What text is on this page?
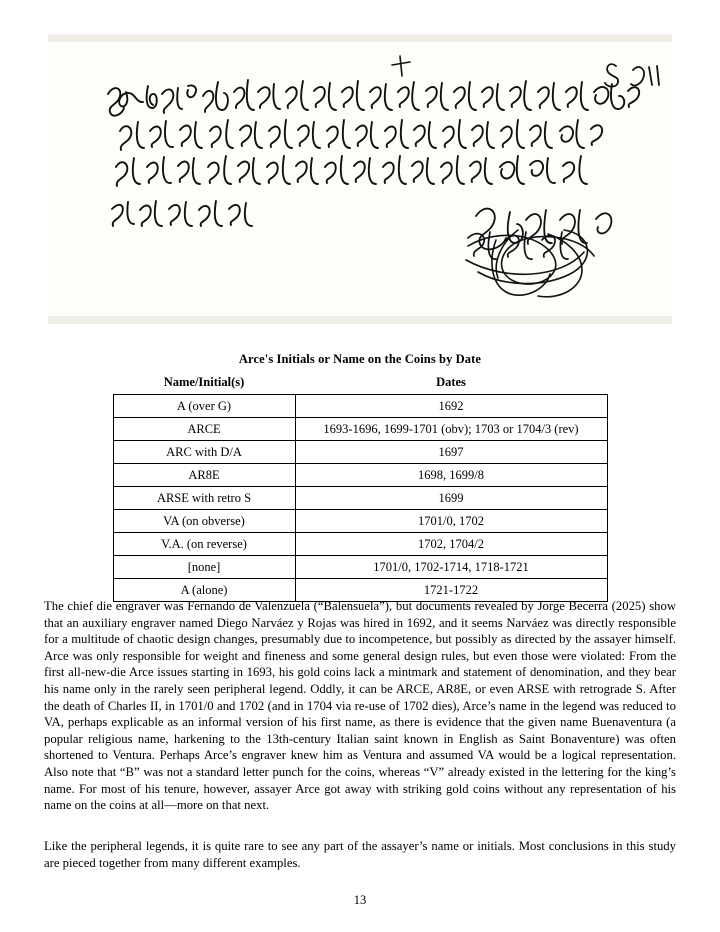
Arce's Initials or Name on the Coins by Date
Name/Initial(s)	Dates
A (over G)	1692
ARCE	1693-1696, 1699-1701 (obv); 1703 or 1704/3 (rev)
ARC with D/A	1697
AR8E	1698, 1699/8
ARSE with retro S	1699
VA (on obverse)	1701/0, 1702
V.A. (on reverse)	1702, 1704/2
[none]	1701/0, 1702-1714, 1718-1721
A (alone)	1721-1722
The chief die engraver was Fernando de Valenzuela (“Balensuela”), but documents revealed by Jorge Becerra (2025) show that an auxiliary engraver named Diego Narváez y Rojas was hired in 1692, and it seems Narváez was directly responsible for a multitude of chaotic design changes, presumably due to incompetence, but possibly as directed by the assayer himself. Arce was only responsible for weight and fineness and some general design rules, but even those were violated: From the first all-new-die Arce issues starting in 1693, his gold coins lack a mintmark and statement of denomination, and they bear his name only in the rarely seen peripheral legend. Oddly, it can be ARCE, AR8E, or even ARSE with retrograde S. After the death of Charles II, in 1701/0 and 1702 (and in 1704 via re-use of 1702 dies), Arce’s name in the legend was reduced to VA, perhaps explicable as an informal version of his first name, as there is evidence that the given name Buenaventura (a popular religious name, harkening to the 13th-century Italian saint known in English as Saint Bonaventure) was often shortened to Ventura. Perhaps Arce’s engraver knew him as Ventura and assumed VA would be a logical representation. Also note that “B” was not a standard letter punch for the coins, whereas “V” already existed in the lettering for the king’s name. For most of his tenure, however, assayer Arce got away with striking gold coins without any representation of his name on the coins at all—more on that next.
Like the peripheral legends, it is quite rare to see any part of the assayer’s name or initials. Most conclusions in this study are pieced together from many different examples.
13
